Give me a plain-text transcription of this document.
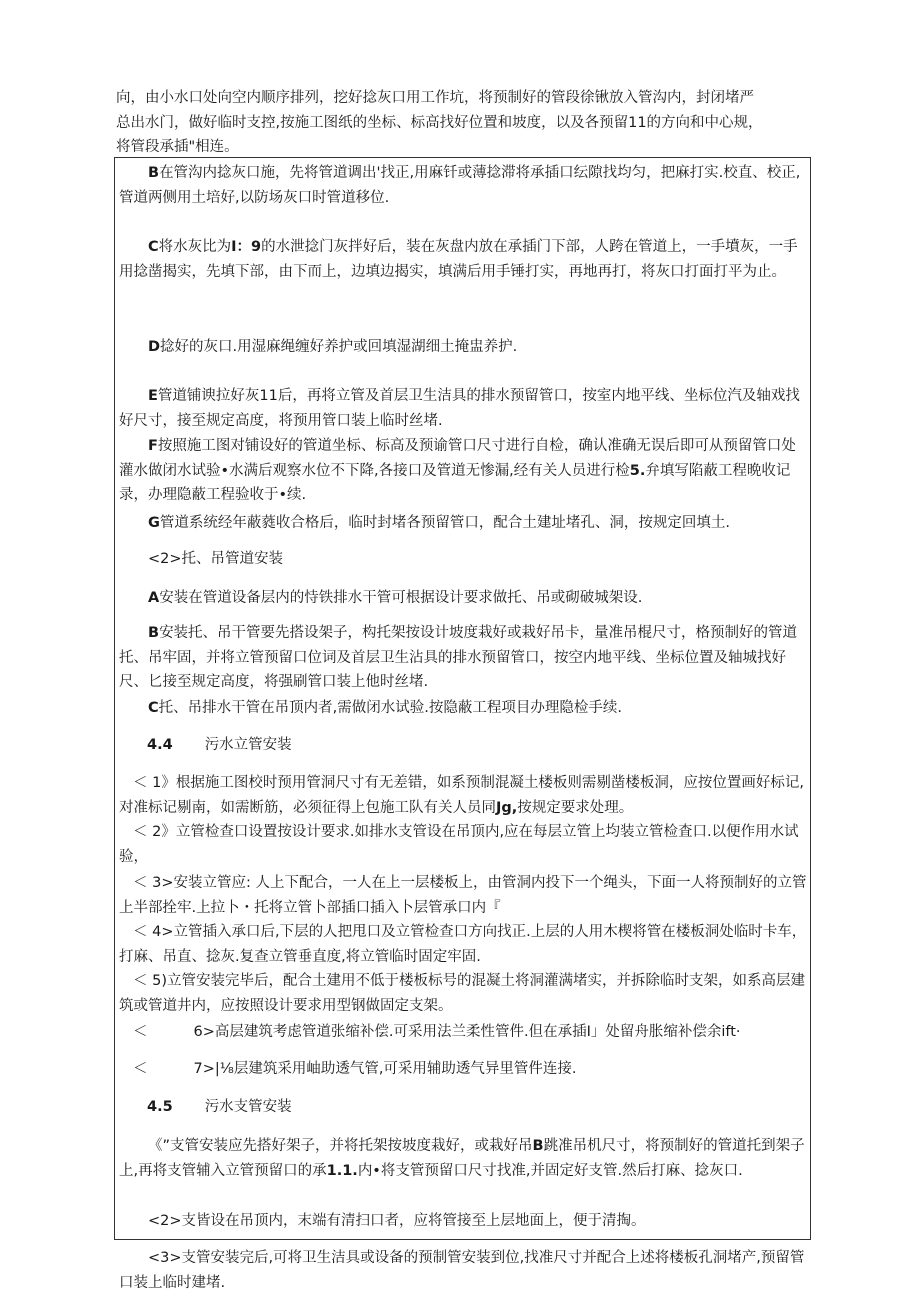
向，由小水口处向空内顺序排列，挖好捻灰口用工作坑，将预制好的管段徐锹放入管沟内，封闭堵严

总出水门，做好临时支控,按施工图纸的坐标、标高找好位置和坡度，以及各预留11的方向和中心规，

将管段承插"相连。

B在管沟内捻灰口施，先将管道调出'找正,用麻钎或薄捻滞将承插口纭隙找均匀，把麻打实.校直、校正,管道两侧用土培好,以防场灰口时管道移位.

C将水灰比为I：9的水泄捻门灰拌好后，装在灰盘内放在承插门下部，人跨在管道上，一手墳灰，一手用捻凿揭实，先填下部，由下而上，边填边揭实，填满后用手锤打实，再地再打，将灰口打面打平为止。

D捻好的灰口.用湿麻绳缠好养护或回填湿湖细土掩盅养护.

E管道铺谀拉好灰11后，再将立管及首层卫生洁具的排水预留管口，按室内地平线、坐标位汽及轴戏找好尺寸，接至规定高度，将预用管口装上临时丝堵.

F按照施工图对铺设好的管道坐标、标高及预谕管口尺寸进行自检，确认准确无误后即可从预留管口处灌水做闭水试验•水满后观察水位不下降,各接口及管道无惨漏,经有关人员进行检5.弁填写陷蔽工程晩收记录，办理隐蔽工程验收于•续.

G管道系统经年蔽蕤收合格后，临时封堵各预留管口，配合土建址堵孔、洞，按规定回填土.

<2>托、吊管道安装

A安装在管道设备层内的恃铁排水干管可根据设计要求做托、吊或砌破城架设.

B安装托、吊干管要先搭设架子，构托架按设计坡度栽好或栽好吊卡，量准吊棍尺寸，格预制好的管道托、吊牢固，并将立管预留口位词及首层卫生沾具的排水预留管口，按空内地平线、坐标位置及轴城找好尺、匕接至规定高度，将强刷管口装上他时丝堵.

C托、吊排水干管在吊顶内者,需做闭水试验.按隐蔽工程项目办理隐检手续.

4.4 污水立管安装

＜ 1》根据施工图校时预用管洞尺寸有无差错，如系预制混凝土楼板则需剔凿楼板洞，应按位置画好标记,对准标记剔南，如需断筋，必须征得上包施工队有关人员同Jg,按规定要求处理。

＜ 2》立管检查口设置按设计要求.如排水支管设在吊顶内,应在每层立管上均装立管检査口.以便作用水试验，

＜ 3>安装立管应: 人上下配合，一人在上一层楼板上，由管洞内投下一个绳头，下面一人将预制好的立管上半部拴牢.上拉卜・托将立管卜部插口插入卜层管承口内『

＜ 4>立管插入承口后,下层的人把甩口及立管检查口方向找正.上层的人用木楔将管在楼板洞处临时卡车，打麻、吊直、捻灰.复查立管垂直度,将立管临时固定牢固.

＜ 5)立管安装完毕后，配合土建用不低于楼板标号的混凝土将洞灌满堵实，并拆除临时支架，如系高层建筑或管道井内，应按照设计要求用型钢做固定支架。

＜	6>高层建筑考虑管道张缩补偿.可采用法兰柔性管件.但在承插I」处留舟胀缩补偿余ift·

＜	7>|⅛层建筑采用岫助透气管,可采用辅助透气异里管件连接.

4.5 污水支管安装

《”支管安装应先搭好架子，并将托架按坡度栽好，或栽好吊B跳准吊机尺寸，将预制好的管道托到架子上,再将支管辅入立管预留口的承1.1.内•将支管预留口尺寸找准,并固定好支管.然后打麻、捻灰口.

<2>支皆设在吊顶内，末端有清扫口者，应将管接至上层地面上，便于清掏。

<3>支管安装完后,可将卫生洁具或设备的预制管安装到位,找准尺寸并配合上述将楼板孔洞堵产,预留管口装上临时建堵.
